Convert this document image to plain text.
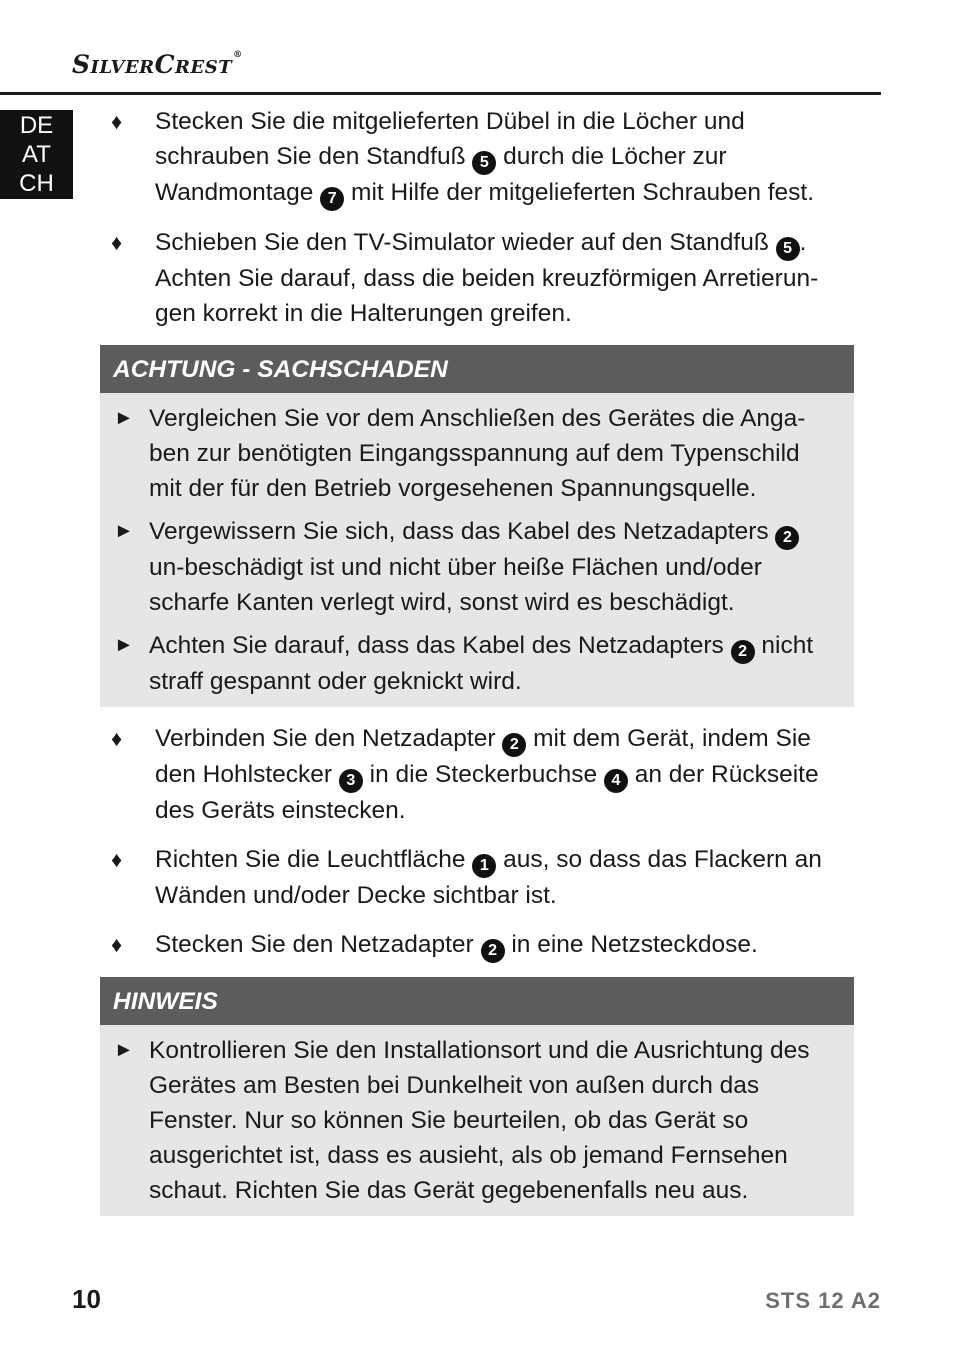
SilverCrest®
DE
AT
CH
♦ Stecken Sie die mitgelieferten Dübel in die Löcher und schrauben Sie den Standfuß 5 durch die Löcher zur Wandmontage 7 mit Hilfe der mitgelieferten Schrauben fest.
♦ Schieben Sie den TV-Simulator wieder auf den Standfuß 5 . Achten Sie darauf, dass die beiden kreuzförmigen Arretierun-gen korrekt in die Halterungen greifen.
ACHTUNG - SACHSCHADEN
► Vergleichen Sie vor dem Anschließen des Gerätes die Anga-ben zur benötigten Eingangsspannung auf dem Typenschild mit der für den Betrieb vorgesehenen Spannungsquelle.
► Vergewissern Sie sich, dass das Kabel des Netzadapters 2 un-beschädigt ist und nicht über heiße Flächen und/oder scharfe Kanten verlegt wird, sonst wird es beschädigt.
► Achten Sie darauf, dass das Kabel des Netzadapters 2 nicht straff gespannt oder geknickt wird.
♦ Verbinden Sie den Netzadapter 2 mit dem Gerät, indem Sie den Hohlstecker 3 in die Steckerbuchse 4 an der Rückseite des Geräts einstecken.
♦ Richten Sie die Leuchtfläche 1 aus, so dass das Flackern an Wänden und/oder Decke sichtbar ist.
♦ Stecken Sie den Netzadapter 2 in eine Netzsteckdose.
HINWEIS
► Kontrollieren Sie den Installationsort und die Ausrichtung des Gerätes am Besten bei Dunkelheit von außen durch das Fenster. Nur so können Sie beurteilen, ob das Gerät so ausgerichtet ist, dass es ausieht, als ob jemand Fernsehen schaut. Richten Sie das Gerät gegebenenfalls neu aus.
10	STS 12 A2
